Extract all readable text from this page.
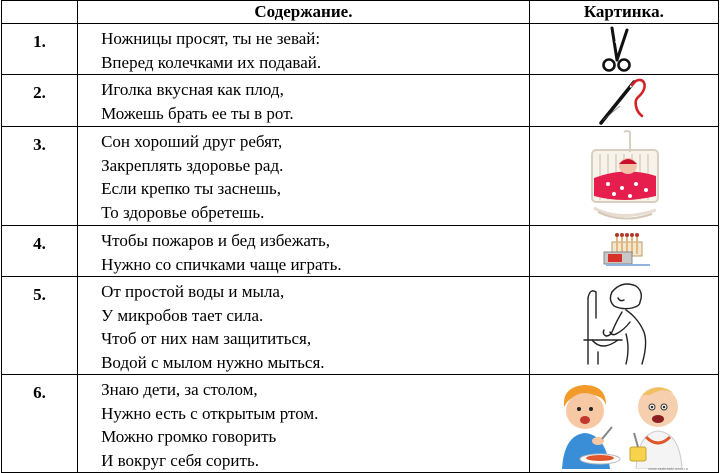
	Содержание.	Картинка.
1.	Ножницы просят, ты не зевай:
Вперед колечками их подавай.

2.	Иголка вкусная как плод,
Можешь брать ее ты в рот.

3.	Сон хороший друг ребят,
Закреплять здоровье рад.
Если крепко ты заснешь,
То здоровье обретешь.

4.	Чтобы пожаров и бед избежать,
Нужно со спичками чаще играть.

5.	От простой воды и мыла,
У микробов тает сила.
Чтоб от них нам защититься,
Водой с мылом нужно мыться.

6.	Знаю дети, за столом,
Нужно есть с открытым ртом.
Можно громко говорить
И вокруг себя сорить.	www.raskraski.ucoz.ru
